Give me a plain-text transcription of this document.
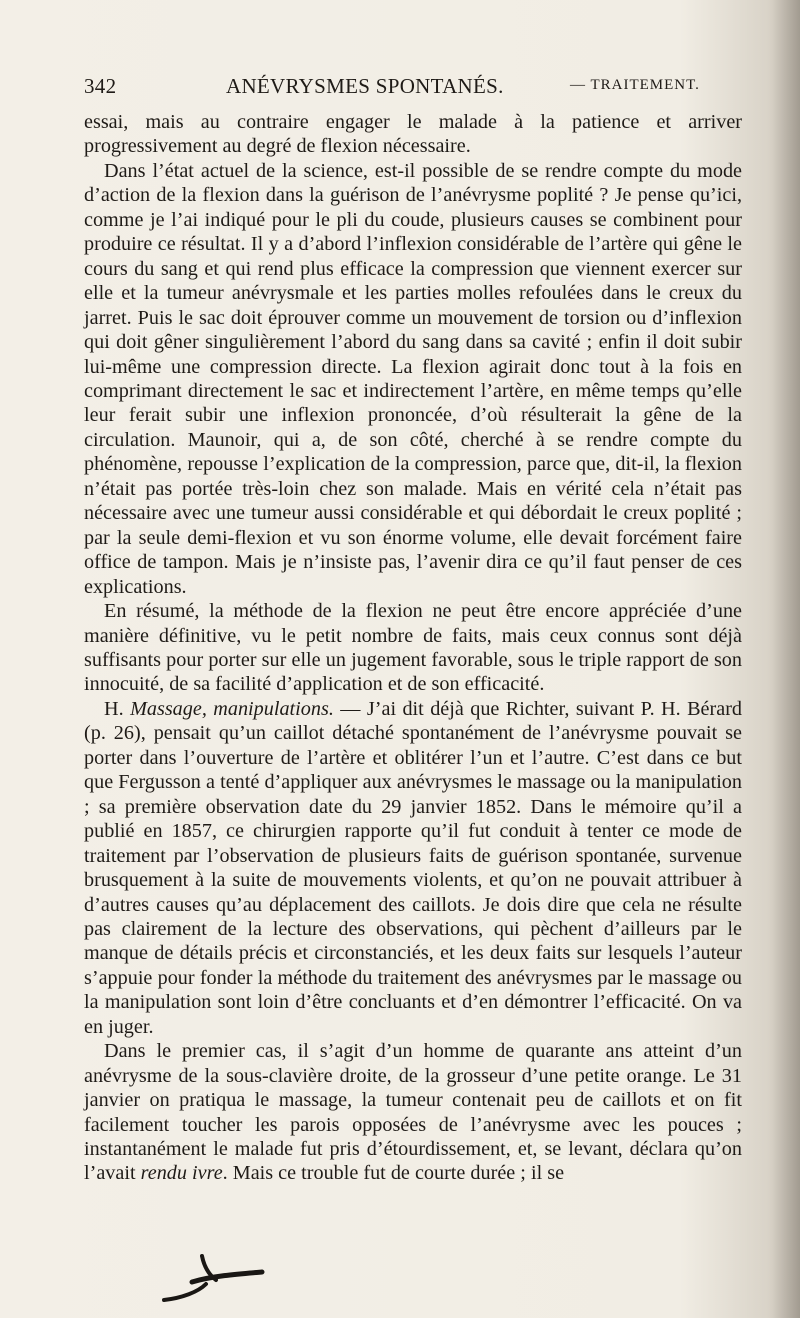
342	ANÉVRYSMES SPONTANÉS.	— TRAITEMENT.

essai, mais au contraire engager le malade à la patience et arriver progressivement au degré de flexion nécessaire.

Dans l’état actuel de la science, est-il possible de se rendre compte du mode d’action de la flexion dans la guérison de l’anévrysme poplité ? Je pense qu’ici, comme je l’ai indiqué pour le pli du coude, plusieurs causes se combinent pour produire ce résultat. Il y a d’abord l’inflexion considérable de l’artère qui gêne le cours du sang et qui rend plus efficace la compression que viennent exercer sur elle et la tumeur anévrysmale et les parties molles refoulées dans le creux du jarret. Puis le sac doit éprouver comme un mouvement de torsion ou d’inflexion qui doit gêner singulièrement l’abord du sang dans sa cavité ; enfin il doit subir lui-même une compression directe. La flexion agirait donc tout à la fois en comprimant directement le sac et indirectement l’artère, en même temps qu’elle leur ferait subir une inflexion prononcée, d’où résulterait la gêne de la circulation. Maunoir, qui a, de son côté, cherché à se rendre compte du phénomène, repousse l’explication de la compression, parce que, dit-il, la flexion n’était pas portée très-loin chez son malade. Mais en vérité cela n’était pas nécessaire avec une tumeur aussi considérable et qui débordait le creux poplité ; par la seule demi-flexion et vu son énorme volume, elle devait forcément faire office de tampon. Mais je n’insiste pas, l’avenir dira ce qu’il faut penser de ces explications.

En résumé, la méthode de la flexion ne peut être encore appréciée d’une manière définitive, vu le petit nombre de faits, mais ceux connus sont déjà suffisants pour porter sur elle un jugement favorable, sous le triple rapport de son innocuité, de sa facilité d’application et de son efficacité.

H. Massage, manipulations. — J’ai dit déjà que Richter, suivant P. H. Bérard (p. 26), pensait qu’un caillot détaché spontanément de l’anévrysme pouvait se porter dans l’ouverture de l’artère et oblitérer l’un et l’autre. C’est dans ce but que Fergusson a tenté d’appliquer aux anévrysmes le massage ou la manipulation ; sa première observation date du 29 janvier 1852. Dans le mémoire qu’il a publié en 1857, ce chirurgien rapporte qu’il fut conduit à tenter ce mode de traitement par l’observation de plusieurs faits de guérison spontanée, survenue brusquement à la suite de mouvements violents, et qu’on ne pouvait attribuer à d’autres causes qu’au déplacement des caillots. Je dois dire que cela ne résulte pas clairement de la lecture des observations, qui pèchent d’ailleurs par le manque de détails précis et circonstanciés, et les deux faits sur lesquels l’auteur s’appuie pour fonder la méthode du traitement des anévrysmes par le massage ou la manipulation sont loin d’être concluants et d’en démontrer l’efficacité. On va en juger.

Dans le premier cas, il s’agit d’un homme de quarante ans atteint d’un anévrysme de la sous-clavière droite, de la grosseur d’une petite orange. Le 31 janvier on pratiqua le massage, la tumeur contenait peu de caillots et on fit facilement toucher les parois opposées de l’anévrysme avec les pouces ; instantanément le malade fut pris d’étourdissement, et, se levant, déclara qu’on l’avait rendu ivre. Mais ce trouble fut de courte durée ; il se
